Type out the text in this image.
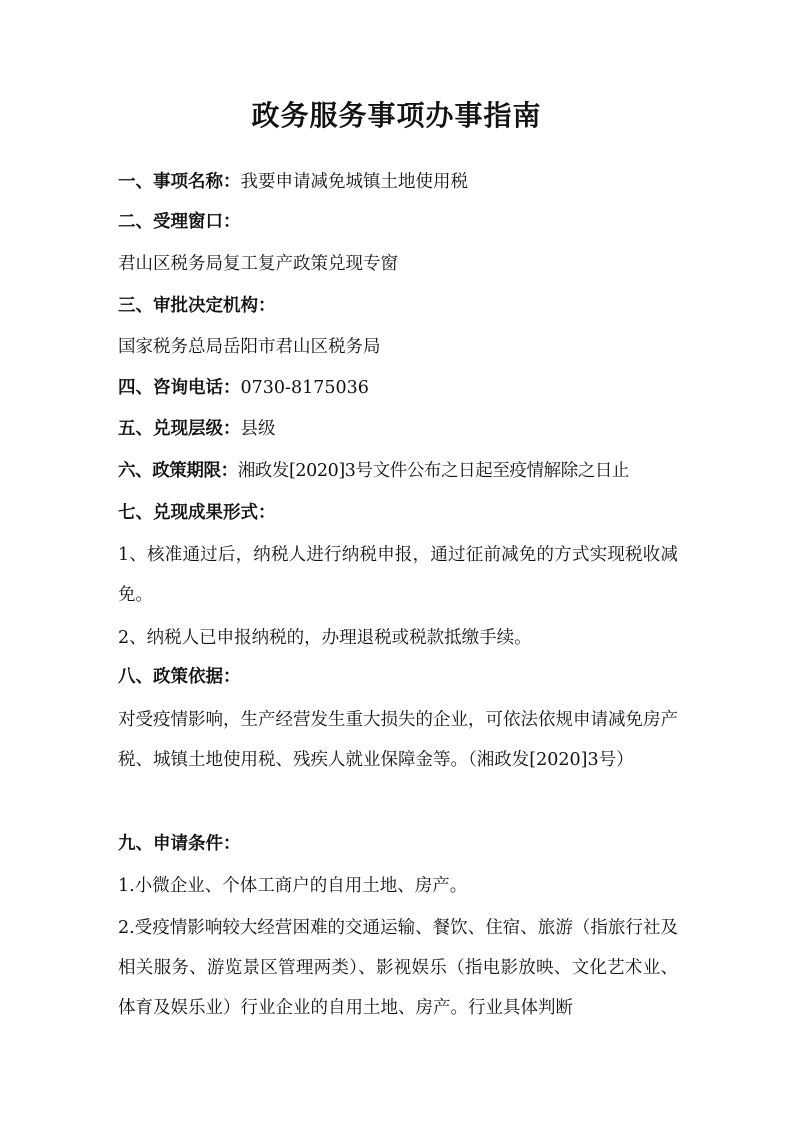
政务服务事项办事指南

一、事项名称：我要申请减免城镇土地使用税

二、受理窗口：

君山区税务局复工复产政策兑现专窗

三、审批决定机构：

国家税务总局岳阳市君山区税务局

四、咨询电话：0730-8175036

五、兑现层级：县级

六、政策期限：湘政发[2020]3号文件公布之日起至疫情解除之日止

七、兑现成果形式：

1、核准通过后，纳税人进行纳税申报，通过征前减免的方式实现税收减免。

2、纳税人已申报纳税的，办理退税或税款抵缴手续。

八、政策依据：

对受疫情影响，生产经营发生重大损失的企业，可依法依规申请减免房产税、城镇土地使用税、残疾人就业保障金等。（湘政发[2020]3号）

九、申请条件：

1.小微企业、个体工商户的自用土地、房产。

2.受疫情影响较大经营困难的交通运输、餐饮、住宿、旅游（指旅行社及相关服务、游览景区管理两类）、影视娱乐（指电影放映、文化艺术业、体育及娱乐业）行业企业的自用土地、房产。行业具体判断
